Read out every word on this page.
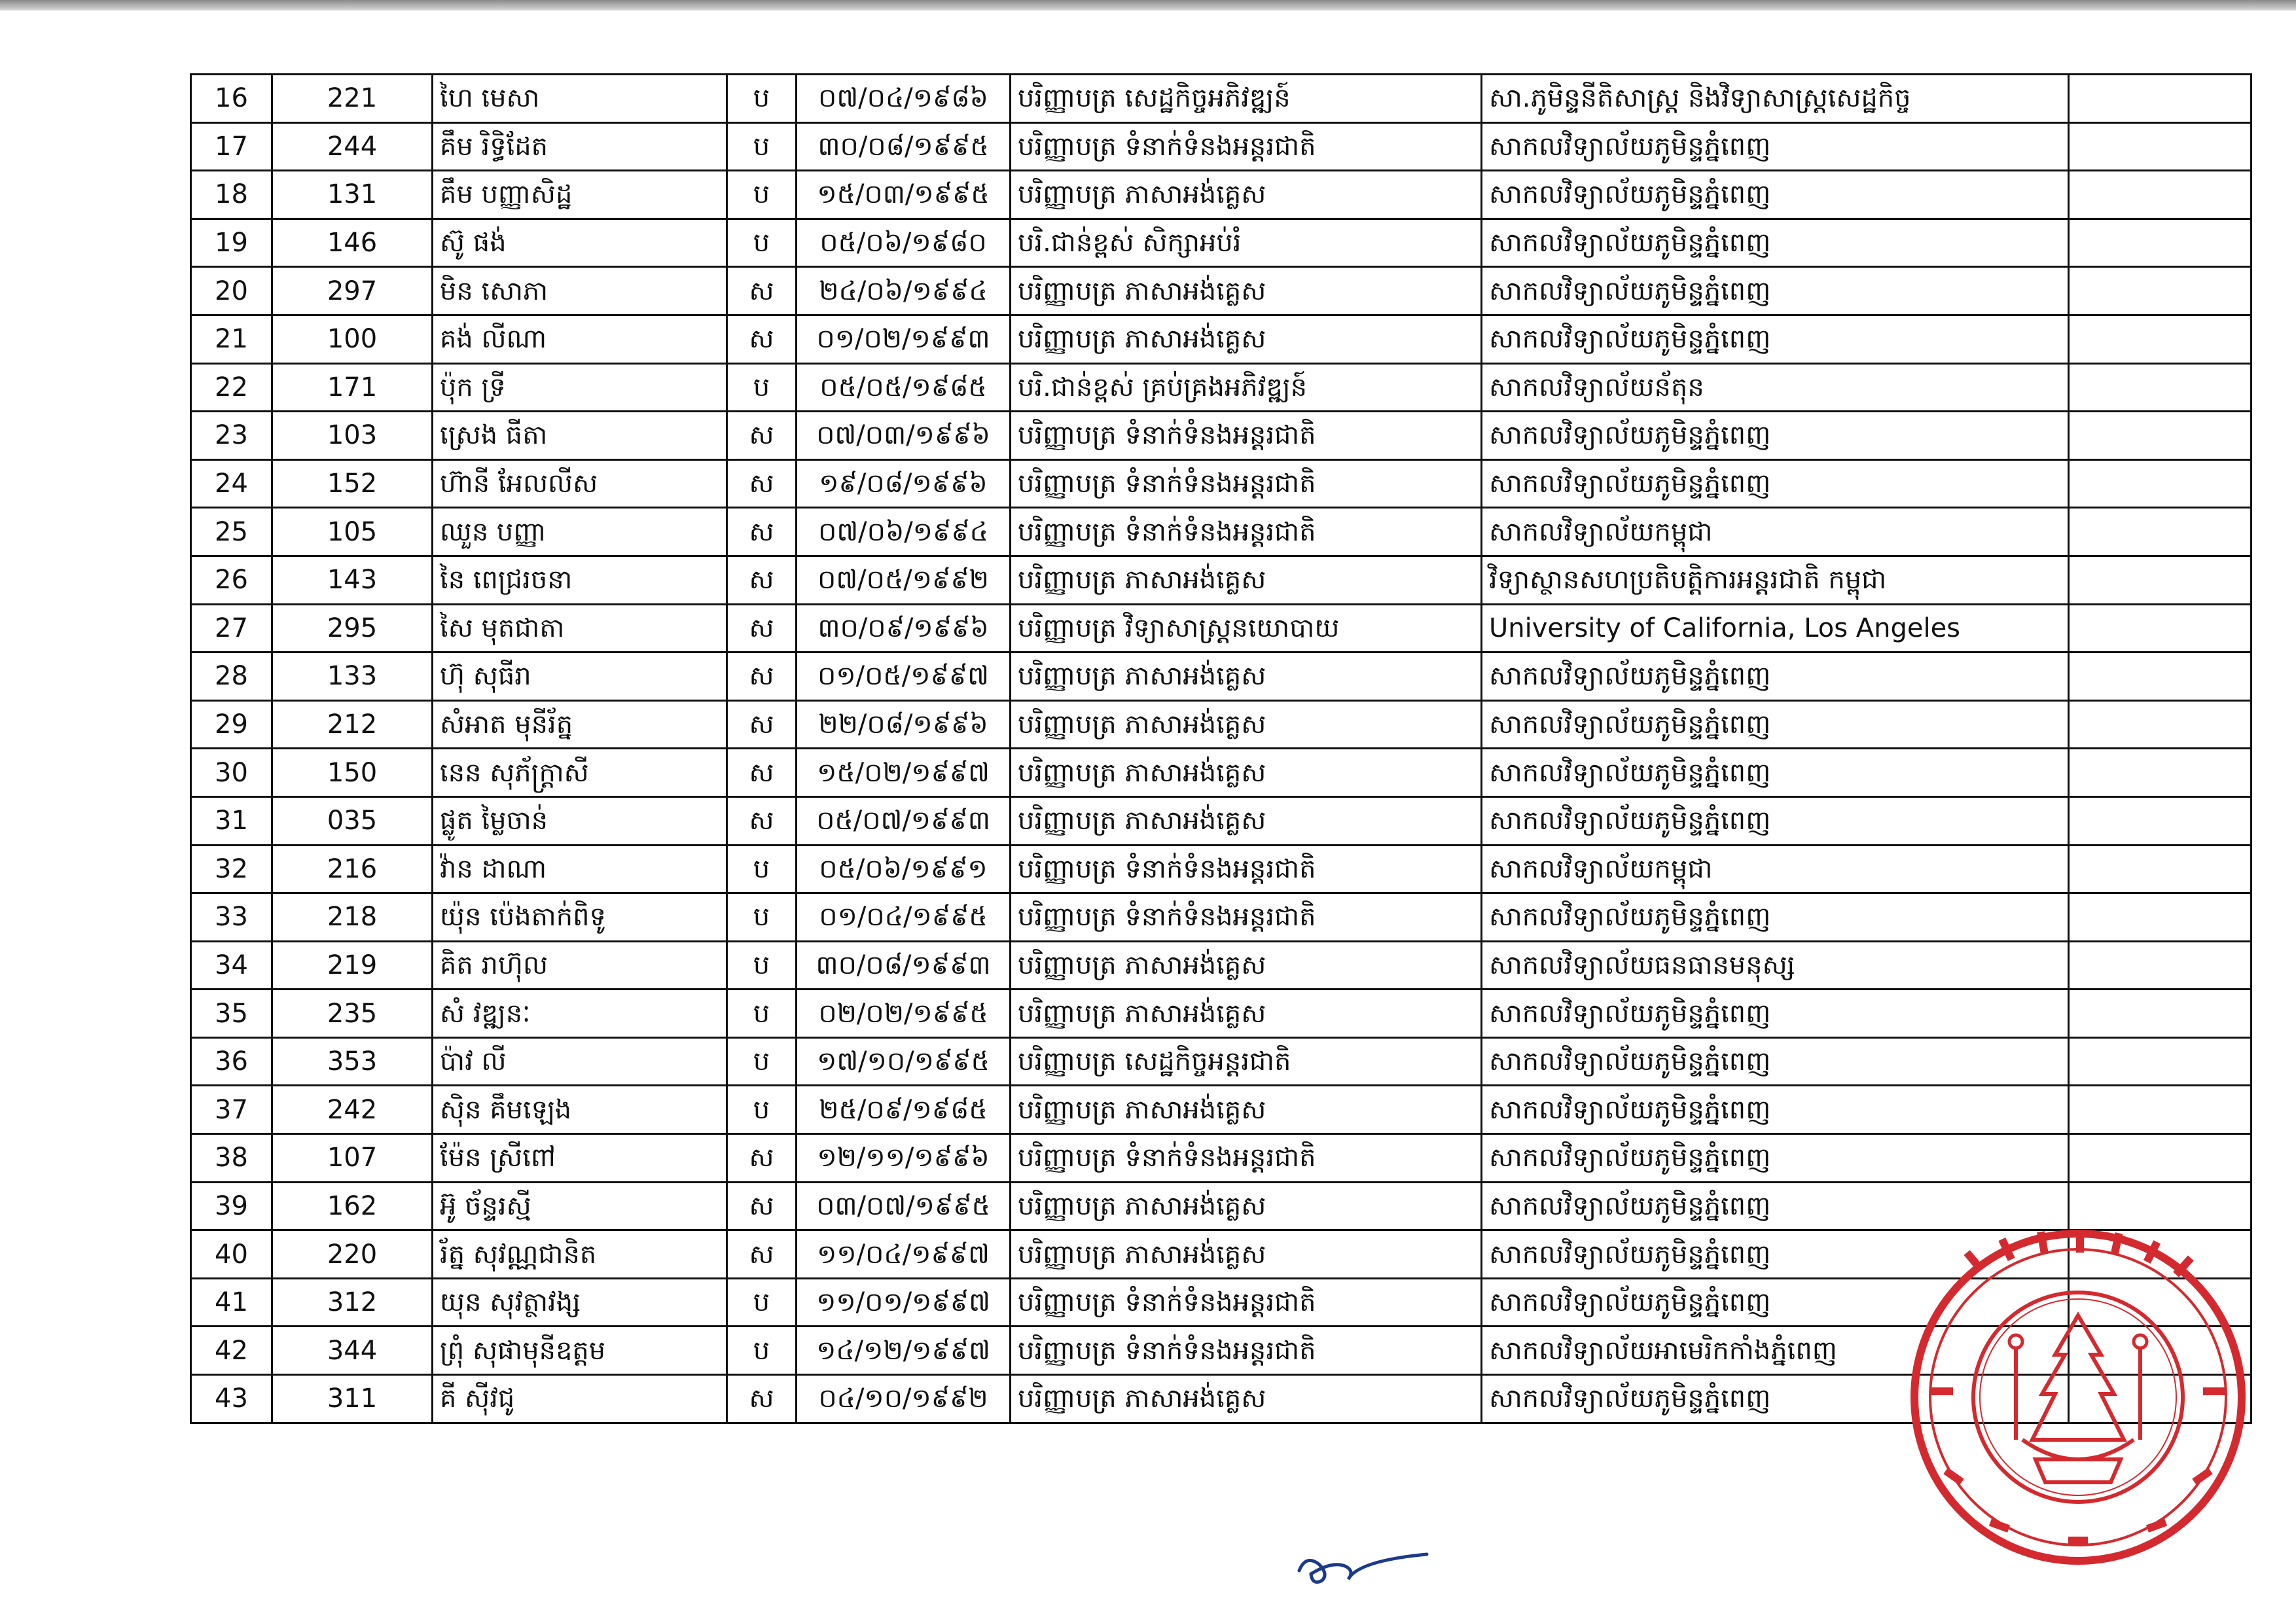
16	221	ហៃ មេសា	ប	០៧/០៤/១៩៨៦	បរិញ្ញាបត្រ សេដ្ឋកិច្ចអភិវឌ្ឍន៍	សា.ភូមិន្ទនីតិសាស្ត្រ និងវិទ្យាសាស្ត្រសេដ្ឋកិច្ច	
17	244	គឹម រិទ្ធិដែត	ប	៣០/០៨/១៩៩៥	បរិញ្ញាបត្រ ទំនាក់ទំនងអន្តរជាតិ	សាកលវិទ្យាល័យភូមិន្ទភ្នំពេញ	
18	131	គឹម បញ្ញាសិដ្ឋ	ប	១៥/០៣/១៩៩៥	បរិញ្ញាបត្រ ភាសាអង់គ្លេស	សាកលវិទ្យាល័យភូមិន្ទភ្នំពេញ	
19	146	ស៊ូ ផង់	ប	០៥/០៦/១៩៨០	បរិ.ជាន់ខ្ពស់ សិក្សាអប់រំ	សាកលវិទ្យាល័យភូមិន្ទភ្នំពេញ	
20	297	មិន សោភា	ស	២៤/០៦/១៩៩៤	បរិញ្ញាបត្រ ភាសាអង់គ្លេស	សាកលវិទ្យាល័យភូមិន្ទភ្នំពេញ	
21	100	គង់ លីណា	ស	០១/០២/១៩៩៣	បរិញ្ញាបត្រ ភាសាអង់គ្លេស	សាកលវិទ្យាល័យភូមិន្ទភ្នំពេញ	
22	171	ប៉ុក ទ្រី	ប	០៥/០៥/១៩៨៥	បរិ.ជាន់ខ្ពស់ គ្រប់គ្រងអភិវឌ្ឍន៍	សាកលវិទ្យាល័យន័តុន	
23	103	ស្រេង ធីតា	ស	០៧/០៣/១៩៩៦	បរិញ្ញាបត្រ ទំនាក់ទំនងអន្តរជាតិ	សាកលវិទ្យាល័យភូមិន្ទភ្នំពេញ	
24	152	ហ៊ានី អែលលីស	ស	១៩/០៨/១៩៩៦	បរិញ្ញាបត្រ ទំនាក់ទំនងអន្តរជាតិ	សាកលវិទ្យាល័យភូមិន្ទភ្នំពេញ	
25	105	ឈួន បញ្ញា	ស	០៧/០៦/១៩៩៤	បរិញ្ញាបត្រ ទំនាក់ទំនងអន្តរជាតិ	សាកលវិទ្យាល័យកម្ពុជា	
26	143	នៃ ពេជ្ររចនា	ស	០៧/០៥/១៩៩២	បរិញ្ញាបត្រ ភាសាអង់គ្លេស	វិទ្យាស្ថានសហប្រតិបត្តិការអន្តរជាតិ កម្ពុជា	
27	295	សៃ មុតជាតា	ស	៣០/០៩/១៩៩៦	បរិញ្ញាបត្រ វិទ្យាសាស្ត្រនយោបាយ	University of California, Los Angeles	
28	133	ហ៊ុ សុធីរា	ស	០១/០៥/១៩៩៧	បរិញ្ញាបត្រ ភាសាអង់គ្លេស	សាកលវិទ្យាល័យភូមិន្ទភ្នំពេញ	
29	212	សំអាត មុនីរ័ត្ន	ស	២២/០៨/១៩៩៦	បរិញ្ញាបត្រ ភាសាអង់គ្លេស	សាកលវិទ្យាល័យភូមិន្ទភ្នំពេញ	
30	150	នេន សុភ័ក្ត្រាសី	ស	១៥/០២/១៩៩៧	បរិញ្ញាបត្រ ភាសាអង់គ្លេស	សាកលវិទ្យាល័យភូមិន្ទភ្នំពេញ	
31	035	ផ្លូត ម្លៃចាន់	ស	០៥/០៧/១៩៩៣	បរិញ្ញាបត្រ ភាសាអង់គ្លេស	សាកលវិទ្យាល័យភូមិន្ទភ្នំពេញ	
32	216	វ៉ាន ដាណា	ប	០៥/០៦/១៩៩១	បរិញ្ញាបត្រ ទំនាក់ទំនងអន្តរជាតិ	សាកលវិទ្យាល័យកម្ពុជា	
33	218	យ៉ុន ប៉េងតាក់ពិទូ	ប	០១/០៤/១៩៩៥	បរិញ្ញាបត្រ ទំនាក់ទំនងអន្តរជាតិ	សាកលវិទ្យាល័យភូមិន្ទភ្នំពេញ	
34	219	គិត រាហ៊ុល	ប	៣០/០៨/១៩៩៣	បរិញ្ញាបត្រ ភាសាអង់គ្លេស	សាកលវិទ្យាល័យធនធានមនុស្ស	
35	235	សំ វឌ្ឍនៈ	ប	០២/០២/១៩៩៥	បរិញ្ញាបត្រ ភាសាអង់គ្លេស	សាកលវិទ្យាល័យភូមិន្ទភ្នំពេញ	
36	353	ប៉ាវ លី	ប	១៧/១០/១៩៩៥	បរិញ្ញាបត្រ សេដ្ឋកិច្ចអន្តរជាតិ	សាកលវិទ្យាល័យភូមិន្ទភ្នំពេញ	
37	242	ស៊ិន គឹមឡេង	ប	២៥/០៩/១៩៨៥	បរិញ្ញាបត្រ ភាសាអង់គ្លេស	សាកលវិទ្យាល័យភូមិន្ទភ្នំពេញ	
38	107	ម៉ែន ស្រីពៅ	ស	១២/១១/១៩៩៦	បរិញ្ញាបត្រ ទំនាក់ទំនងអន្តរជាតិ	សាកលវិទ្យាល័យភូមិន្ទភ្នំពេញ	
39	162	អ៊ូ ច័ន្ទរស្មី	ស	០៣/០៧/១៩៩៥	បរិញ្ញាបត្រ ភាសាអង់គ្លេស	សាកលវិទ្យាល័យភូមិន្ទភ្នំពេញ	
40	220	រ័ត្ន សុវណ្ណជានិត	ស	១១/០៤/១៩៩៧	បរិញ្ញាបត្រ ភាសាអង់គ្លេស	សាកលវិទ្យាល័យភូមិន្ទភ្នំពេញ	
41	312	យុន សុវត្ថាវង្ស	ប	១១/០១/១៩៩៧	បរិញ្ញាបត្រ ទំនាក់ទំនងអន្តរជាតិ	សាកលវិទ្យាល័យភូមិន្ទភ្នំពេញ	
42	344	ព្រុំ សុផាមុនីឧត្តម	ប	១៤/១២/១៩៩៧	បរិញ្ញាបត្រ ទំនាក់ទំនងអន្តរជាតិ	សាកលវិទ្យាល័យអាមេរិកកាំងភ្នំពេញ	
43	311	គី ស៊ីវជូ	ស	០៤/១០/១៩៩២	បរិញ្ញាបត្រ ភាសាអង់គ្លេស	សាកលវិទ្យាល័យភូមិន្ទភ្នំពេញ	
